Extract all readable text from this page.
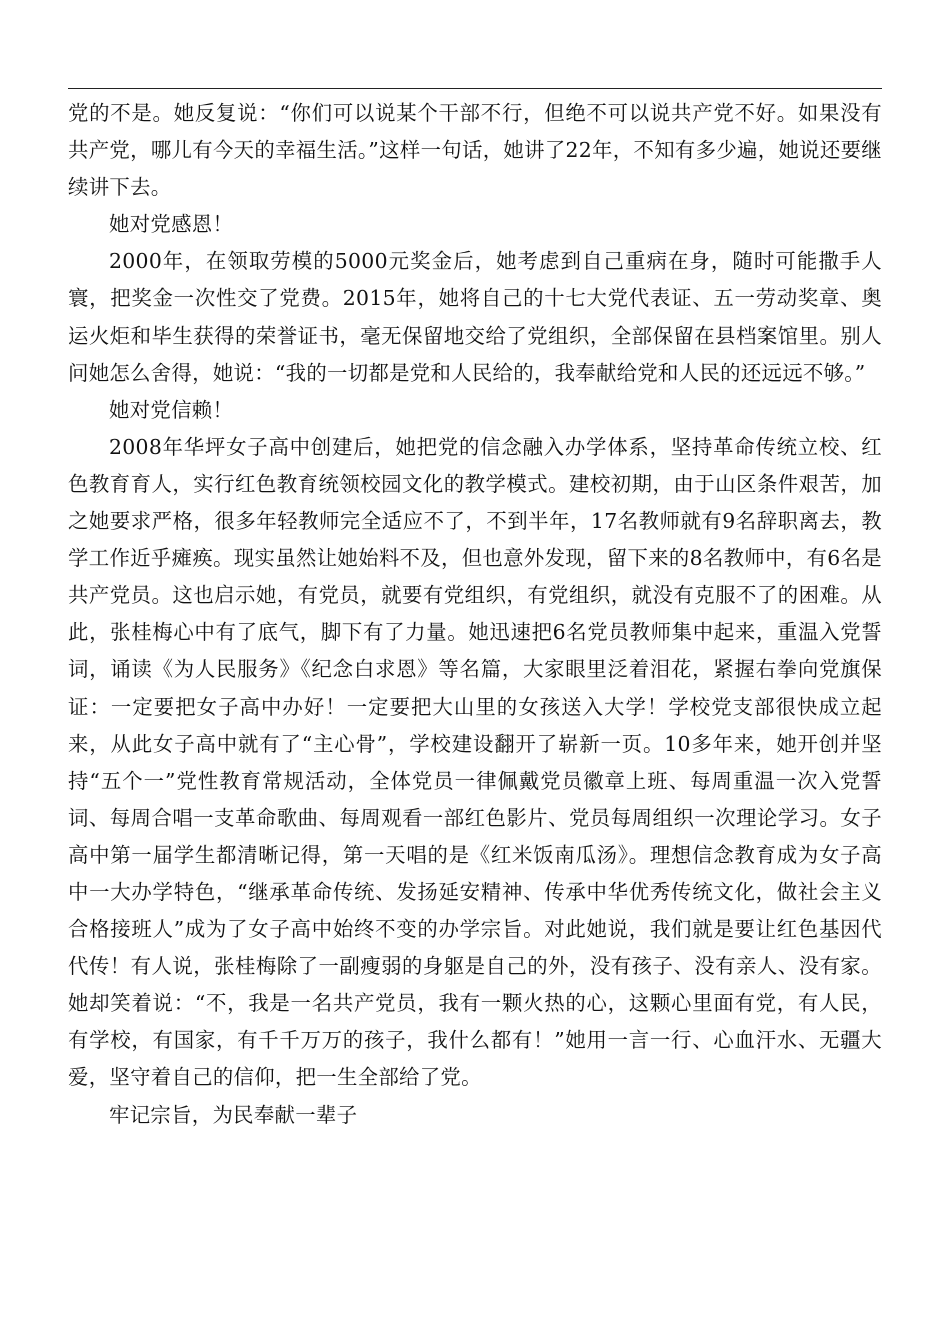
党的不是。她反复说：“你们可以说某个干部不行，但绝不可以说共产党不好。如果没有共产党，哪儿有今天的幸福生活。”这样一句话，她讲了22年，不知有多少遍，她说还要继续讲下去。

她对党感恩！

2000年，在领取劳模的5000元奖金后，她考虑到自己重病在身，随时可能撒手人寰，把奖金一次性交了党费。2015年，她将自己的十七大党代表证、五一劳动奖章、奥运火炬和毕生获得的荣誉证书，毫无保留地交给了党组织，全部保留在县档案馆里。别人问她怎么舍得，她说：“我的一切都是党和人民给的，我奉献给党和人民的还远远不够。”

她对党信赖！

2008年华坪女子高中创建后，她把党的信念融入办学体系，坚持革命传统立校、红色教育育人，实行红色教育统领校园文化的教学模式。建校初期，由于山区条件艰苦，加之她要求严格，很多年轻教师完全适应不了，不到半年，17名教师就有9名辞职离去，教学工作近乎瘫痪。现实虽然让她始料不及，但也意外发现，留下来的8名教师中，有6名是共产党员。这也启示她，有党员，就要有党组织，有党组织，就没有克服不了的困难。从此，张桂梅心中有了底气，脚下有了力量。她迅速把6名党员教师集中起来，重温入党誓词，诵读《为人民服务》《纪念白求恩》等名篇，大家眼里泛着泪花，紧握右拳向党旗保证：一定要把女子高中办好！一定要把大山里的女孩送入大学！学校党支部很快成立起来，从此女子高中就有了“主心骨”，学校建设翻开了崭新一页。10多年来，她开创并坚持“五个一”党性教育常规活动，全体党员一律佩戴党员徽章上班、每周重温一次入党誓词、每周合唱一支革命歌曲、每周观看一部红色影片、党员每周组织一次理论学习。女子高中第一届学生都清晰记得，第一天唱的是《红米饭南瓜汤》。理想信念教育成为女子高中一大办学特色，“继承革命传统、发扬延安精神、传承中华优秀传统文化，做社会主义合格接班人”成为了女子高中始终不变的办学宗旨。对此她说，我们就是要让红色基因代代传！有人说，张桂梅除了一副瘦弱的身躯是自己的外，没有孩子、没有亲人、没有家。她却笑着说：“不，我是一名共产党员，我有一颗火热的心，这颗心里面有党，有人民，有学校，有国家，有千千万万的孩子，我什么都有！”她用一言一行、心血汗水、无疆大爱，坚守着自己的信仰，把一生全部给了党。

牢记宗旨，为民奉献一辈子
